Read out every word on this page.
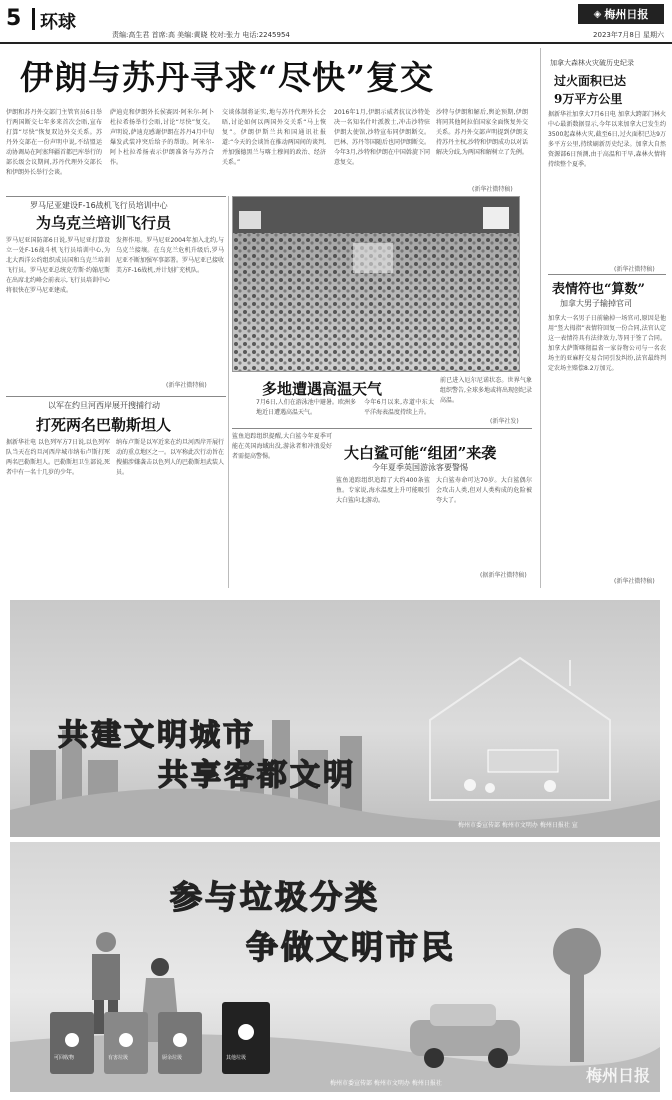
5 环球
责编:高生君 首席:高 美编:黄晓 校对:张力 电话:2245954
◈ 梅州日报
2023年7月8日 星期六
伊朗与苏丹寻求“尽快”复交
伊朗和苏丹外交部门主管官员6日举行两国断交七年多来首次会晤,宣布打算“尽快”恢复双边外交关系。苏丹外交部在一份声明中说,不结盟运动协调局在阿塞拜疆首都巴库举行的部长级会议期间,苏丹代理外交部长和伊朗外长举行会谈。
萨迪克和伊朗外长侯赛因·阿米尔-阿卜杜拉希扬举行会晤,讨论“尽快”复交。声明说,萨迪克感谢伊朗在苏丹4月中旬爆发武装冲突后给予的帮助。阿米尔-阿卜杜拉希扬表示伊朗准备与苏丹合作。
交谈体制将证实,地与苏丹代理外长会晤,讨论如何以两国外交关系“马上恢复”。伊朗伊斯兰共和国通讯社报道:“今天的会谈旨在推动两国间的谈判,并加强德黑兰与喀土穆间的政治、经济关系。”
2016年1月,伊朗示威者抗议沙特处决一名知名什叶派教士,冲击沙特驻伊朗大使馆,沙特宣布同伊朗断交。巴林、苏丹等国随后也同伊朗断交。今年3月,沙特和伊朗在中国斡旋下同意复交。
沙特与伊朗和解后,舆论预期,伊朗将同其他阿拉伯国家全面恢复外交关系。苏丹外交部声明提到伊朗支持苏丹主权,沙特和伊朗成功以对话解决分歧,为两国和解树立了先例。
(新华社微特稿)
罗马尼亚建设F-16战机飞行员培训中心
为乌克兰培训飞行员
罗马尼亚国防部6日说,罗马尼亚打算设立一处F-16战斗机飞行员培训中心,为北大西洋公约组织成员国和乌克兰培训飞行员。罗马尼亚总统克劳斯·约翰尼斯在出席北约峰会前表示,飞行员培训中心将很快在罗马尼亚建成。
发挥作用。罗马尼亚2004年加入北约,与乌克兰接壤。在乌克兰危机升级后,罗马尼亚不断加强军事部署。罗马尼亚已接收美方F-16战机,并计划扩充机队。
(新华社微特稿)
以军在约旦河西岸展开搜捕行动
打死两名巴勒斯坦人
据新华社电 以色列军方7日说,以色列军队当天在约旦河西岸城市纳布卢斯打死两名巴勒斯坦人。巴勒斯坦卫生部说,死者中有一名十几岁的少年。
纳布卢斯是以军近来在约旦河西岸开展行动的重点地区之一。以军称此次行动旨在搜捕涉嫌袭击以色列人的巴勒斯坦武装人员。
多地遭遇高温天气
7月6日,人们在游泳池中避暑。欧洲多地近日遭遇高温天气。
今年6月以来,赤道中东太平洋海表温度持续上升。
前已进入厄尔尼诺状态。世界气象组织警告,全球多地或将出现创纪录高温。
(新华社发)
鲨鱼追踪组织提醒,大白鲨今年夏季可能在英国海域出没,游泳者和冲浪爱好者需提高警惕。	大白鲨可能“组团”来袭
今年夏季英国游泳客要警惕
鲨鱼追踪组织追踪了大约400条鲨鱼。专家说,海水温度上升可能吸引大白鲨向北游动。
大白鲨寿命可达70岁。大白鲨偶尔会攻击人类,但对人类构成的危险被夸大了。
(据新华社微特稿)
加拿大森林火灾破历史纪录
过火面积已达
9万平方公里
据新华社加拿大7月6日电 加拿大跨部门林火中心最新数据显示,今年以来加拿大已发生约3500起森林火灾,截至6日,过火面积已达9万多平方公里,持续刷新历史纪录。加拿大自然资源部6日预测,由于高温和干旱,森林火情将持续整个夏季。
(新华社微特稿)
表情符也“算数”
加拿大男子输掉官司
加拿大一名男子日前输掉一场官司,原因是他用“竖大拇指”表情符回复一份合同,法官认定这一表情符具有法律效力,等同于签了合同。加拿大萨斯喀彻温省一家谷物公司与一名农场主的亚麻籽交易合同引发纠纷,法官最终判定农场主赔偿8.2万加元。
(新华社微特稿)
共建文明城市
共享客都文明
梅州市委宣传部 梅州市文明办 梅州日报社 宣
可回收物	有害垃圾	厨余垃圾	其他垃圾
参与垃圾分类
争做文明市民
梅州市委宣传部 梅州市文明办 梅州日报社	梅州日报
